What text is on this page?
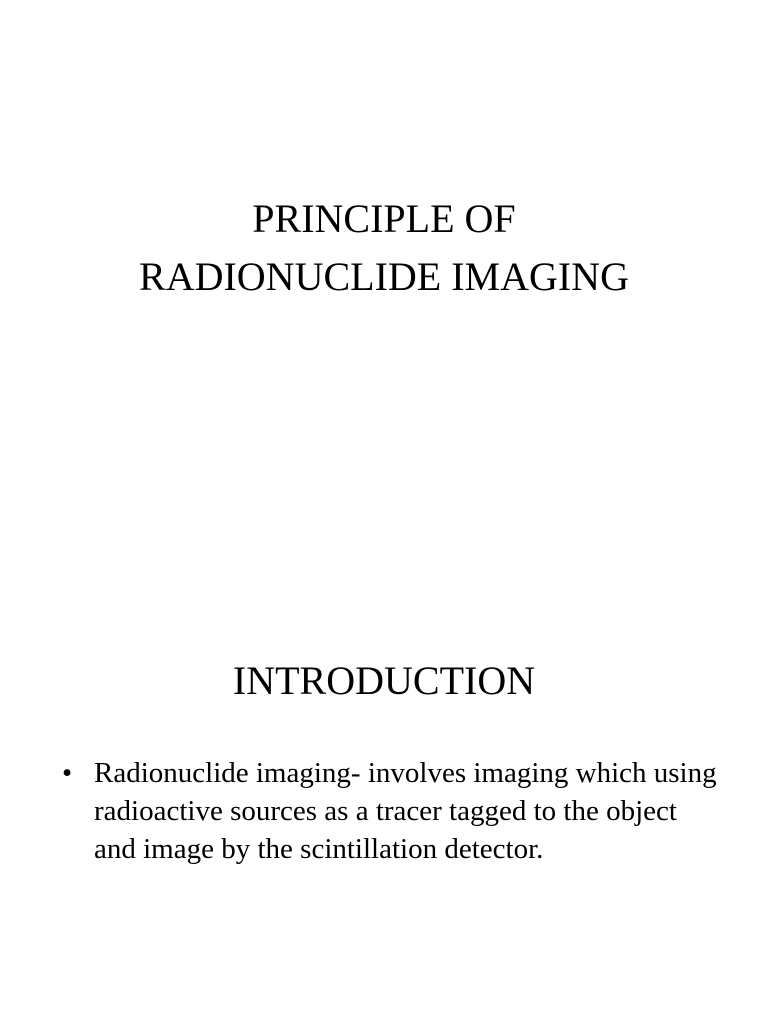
PRINCIPLE OF
RADIONUCLIDE IMAGING
INTRODUCTION
• Radionuclide imaging- involves imaging which using radioactive sources as a tracer tagged to the object and image by the scintillation detector.
